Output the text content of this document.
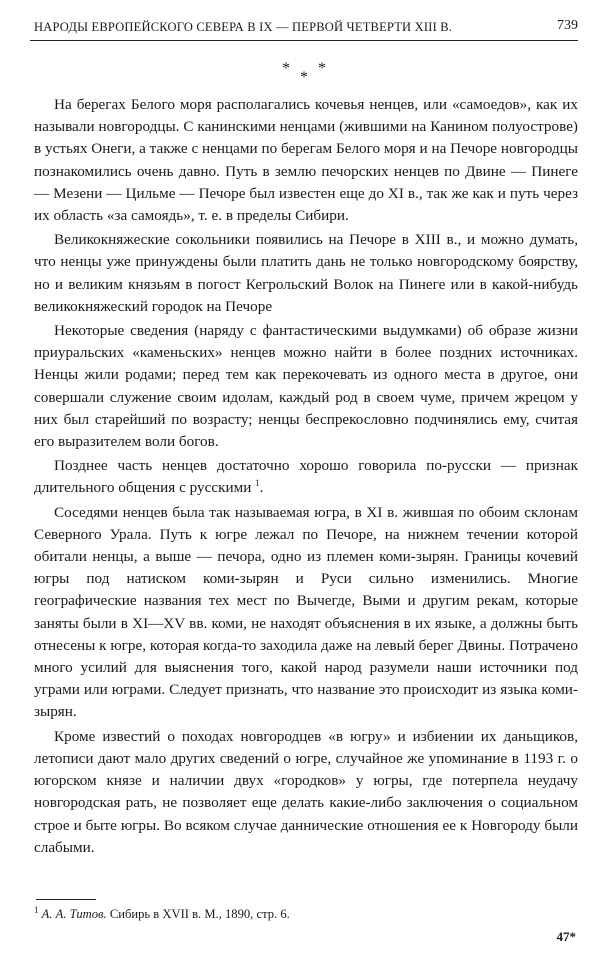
НАРОДЫ ЕВРОПЕЙСКОГО СЕВЕРА В IX — ПЕРВОЙ ЧЕТВЕРТИ XIII В.	739
* *
*

На берегах Белого моря располагались кочевья ненцев, или «самоедов», как их называли новгородцы. С канинскими ненцами (жившими на Канином полуострове) в устьях Онеги, а также с ненцами по берегам Белого моря и на Печоре новгородцы познакомились очень давно. Путь в землю печорских ненцев по Двине — Пинеге — Мезени — Цильме — Печоре был известен еще до XI в., так же как и путь через их область «за самоядь», т. е. в пределы Сибири.

Великокняжеские сокольники появились на Печоре в XIII в., и можно думать, что ненцы уже принуждены были платить дань не только новгородскому боярству, но и великим князьям в погост Кегрольский Волок на Пинеге или в какой-нибудь великокняжеский городок на Печоре

Некоторые сведения (наряду с фантастическими выдумками) об образе жизни приуральских «каменьских» ненцев можно найти в более поздних источниках. Ненцы жили родами; перед тем как перекочевать из одного места в другое, они совершали служение своим идолам, каждый род в своем чуме, причем жрецом у них был старейший по возрасту; ненцы беспрекословно подчинялись ему, считая его выразителем воли богов.

Позднее часть ненцев достаточно хорошо говорила по-русски — признак длительного общения с русскими $^1$.

Соседями ненцев была так называемая югра, в XI в. жившая по обоим склонам Северного Урала. Путь к югре лежал по Печоре, на нижнем течении которой обитали ненцы, а выше — печора, одно из племен коми-зырян. Границы кочевий югры под натиском коми-зырян и Руси сильно изменились. Многие географические названия тех мест по Вычегде, Выми и другим рекам, которые заняты были в XI—XV вв. коми, не находят объяснения в их языке, а должны быть отнесены к югре, которая когда-то заходила даже на левый берег Двины. Потрачено много усилий для выяснения того, какой народ разумели наши источники под уграми или юграми. Следует признать, что название это происходит из языка коми-зырян.

Кроме известий о походах новгородцев «в югру» и избиении их даньщиков, летописи дают мало других сведений о югре, случайное же упоминание в 1193 г. о югорском князе и наличии двух «городков» у югры, где потерпела неудачу новгородская рать, не позволяет еще делать какие-либо заключения о социальном строе и быте югры. Во всяком случае даннические отношения ее к Новгороду были слабыми.

$^1$ А. А. Титов. Сибирь в XVII в. М., 1890, стр. 6.
47*
